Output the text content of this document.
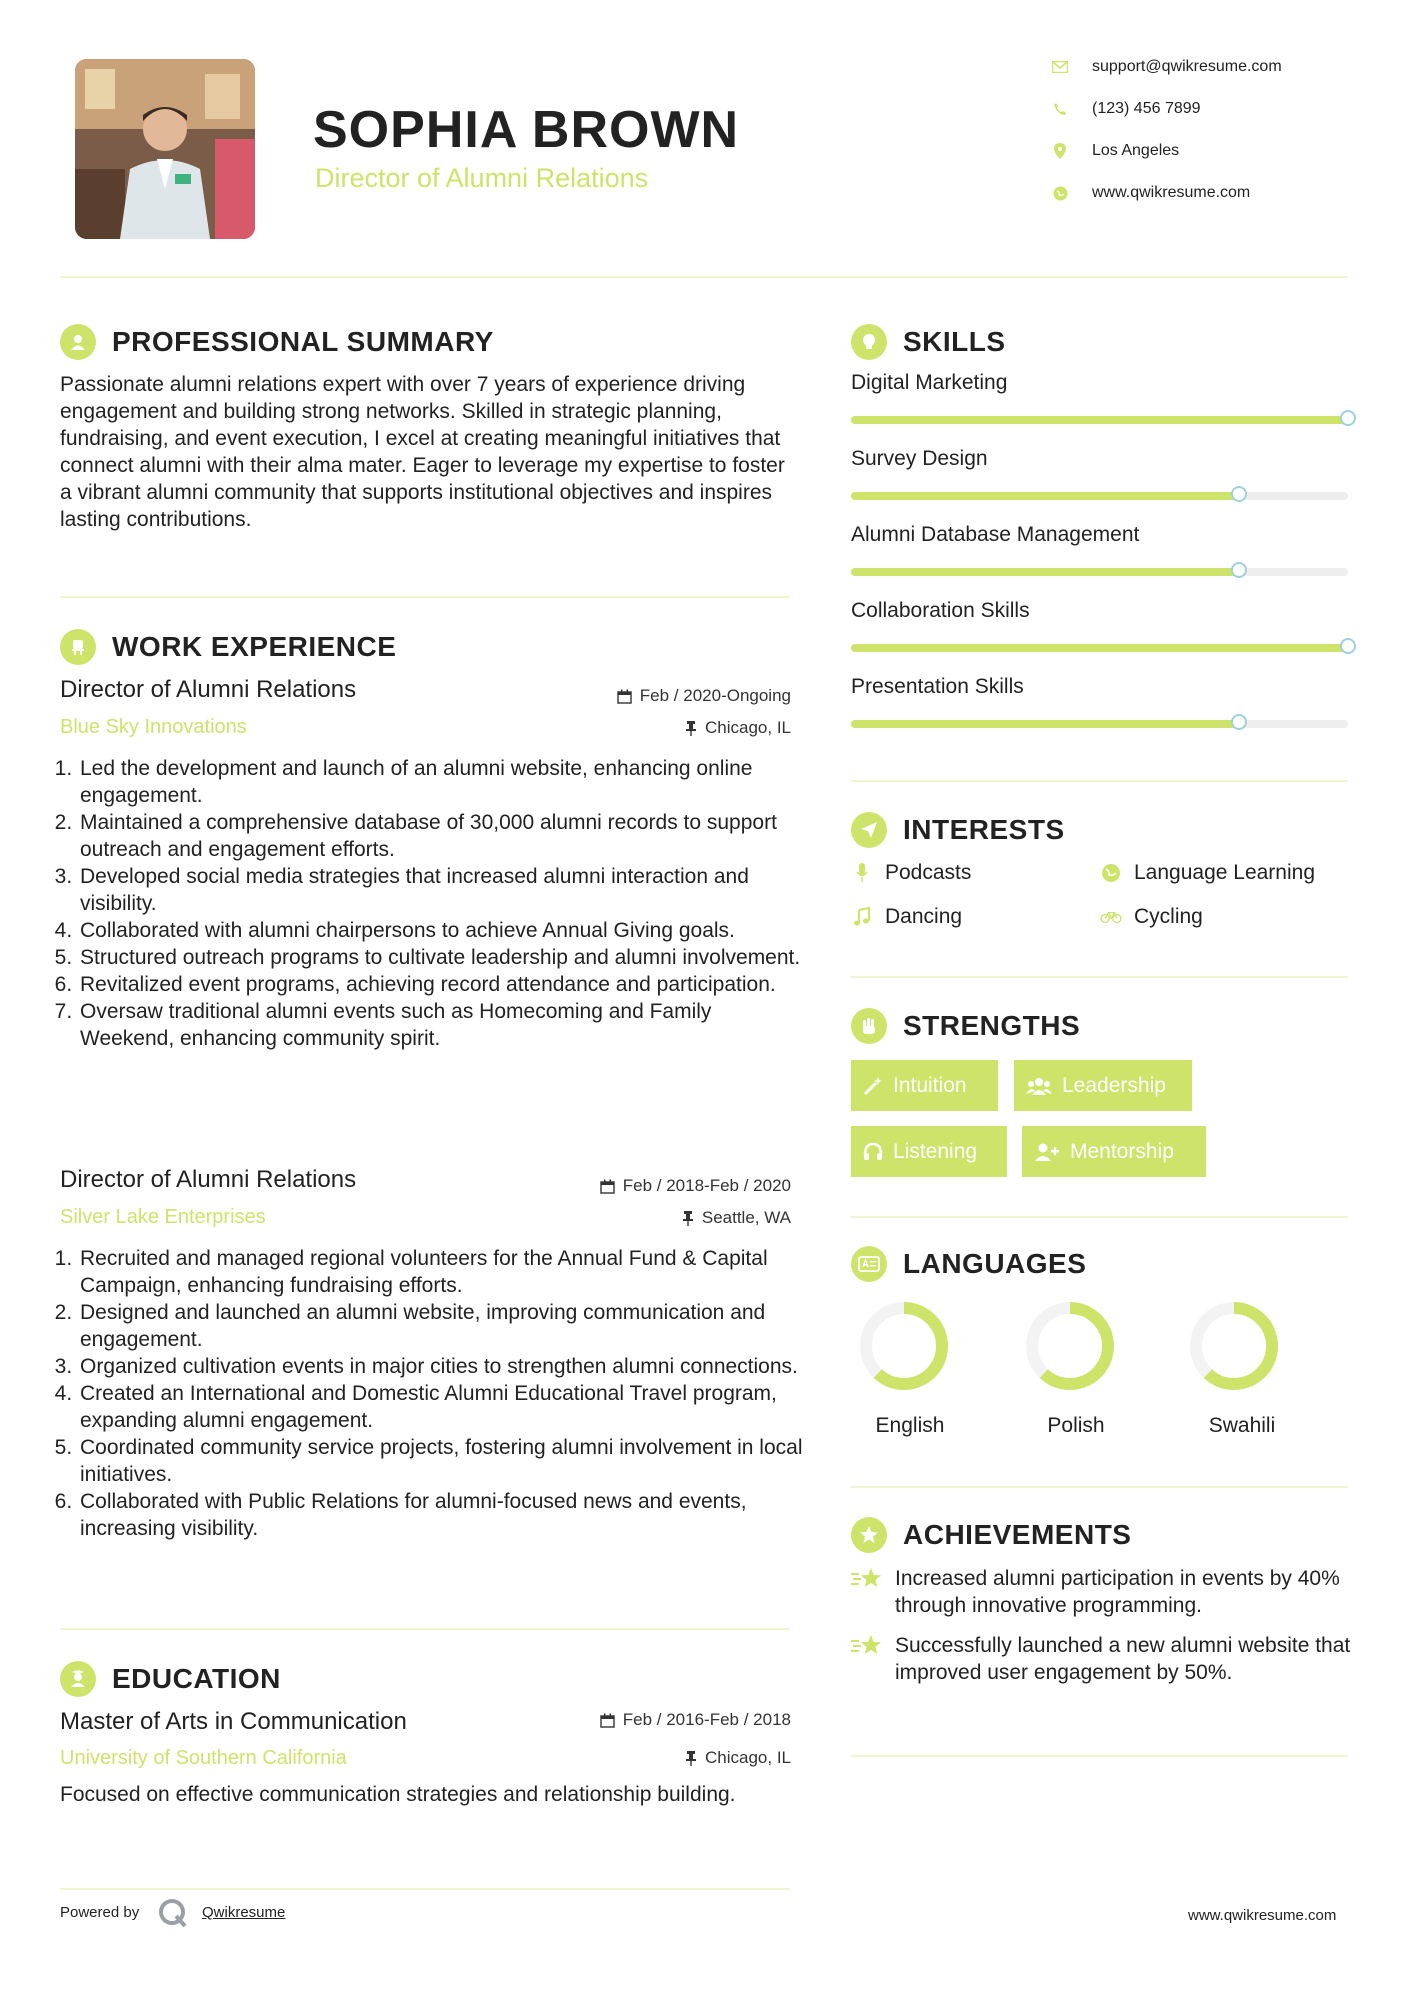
SOPHIA BROWN
Director of Alumni Relations
support@qwikresume.com
(123) 456 7899
Los Angeles
www.qwikresume.com
PROFESSIONAL SUMMARY
Passionate alumni relations expert with over 7 years of experience driving engagement and building strong networks. Skilled in strategic planning, fundraising, and event execution, I excel at creating meaningful initiatives that connect alumni with their alma mater. Eager to leverage my expertise to foster a vibrant alumni community that supports institutional objectives and inspires lasting contributions.
WORK EXPERIENCE
Director of Alumni Relations	Feb / 2020-Ongoing
Blue Sky Innovations	Chicago, IL
1. Led the development and launch of an alumni website, enhancing online engagement.
2. Maintained a comprehensive database of 30,000 alumni records to support outreach and engagement efforts.
3. Developed social media strategies that increased alumni interaction and visibility.
4. Collaborated with alumni chairpersons to achieve Annual Giving goals.
5. Structured outreach programs to cultivate leadership and alumni involvement.
6. Revitalized event programs, achieving record attendance and participation.
7. Oversaw traditional alumni events such as Homecoming and Family Weekend, enhancing community spirit.
Director of Alumni Relations	Feb / 2018-Feb / 2020
Silver Lake Enterprises	Seattle, WA
1. Recruited and managed regional volunteers for the Annual Fund & Capital Campaign, enhancing fundraising efforts.
2. Designed and launched an alumni website, improving communication and engagement.
3. Organized cultivation events in major cities to strengthen alumni connections.
4. Created an International and Domestic Alumni Educational Travel program, expanding alumni engagement.
5. Coordinated community service projects, fostering alumni involvement in local initiatives.
6. Collaborated with Public Relations for alumni-focused news and events, increasing visibility.
EDUCATION
Master of Arts in Communication	Feb / 2016-Feb / 2018
University of Southern California	Chicago, IL
Focused on effective communication strategies and relationship building.
SKILLS
Digital Marketing
Survey Design
Alumni Database Management
Collaboration Skills
Presentation Skills
INTERESTS
Podcasts	Language Learning
Dancing	Cycling
STRENGTHS
Intuition	Leadership
Listening	Mentorship
LANGUAGES
English	Polish	Swahili
ACHIEVEMENTS
Increased alumni participation in events by 40% through innovative programming.
Successfully launched a new alumni website that improved user engagement by 50%.
Powered by	Qwikresume	www.qwikresume.com
